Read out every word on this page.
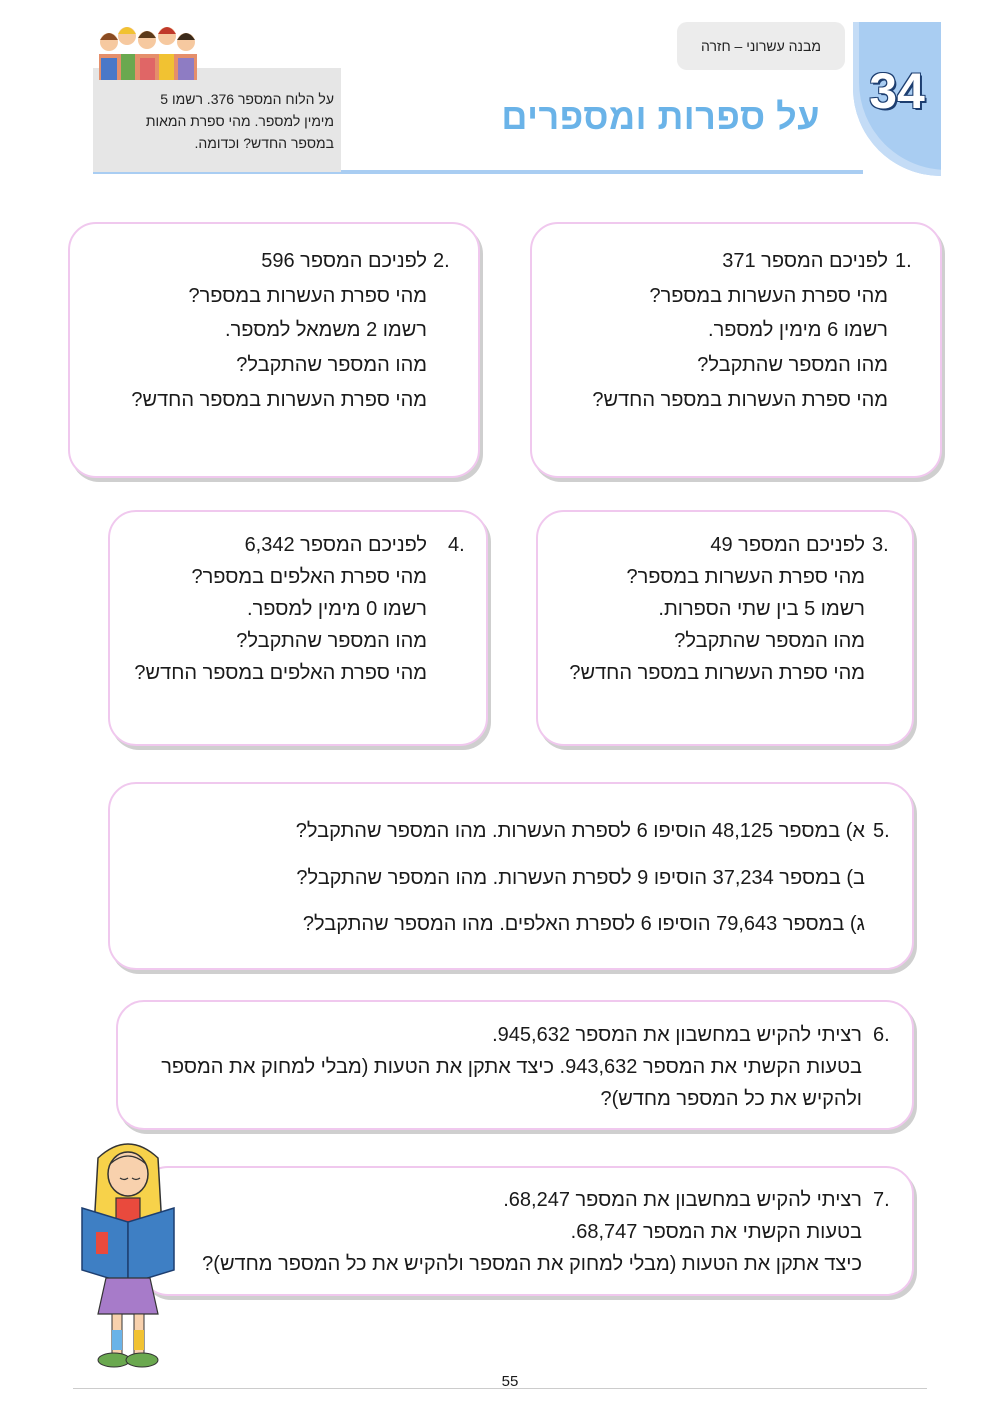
34
מבנה עשרוני – חזרה
על ספרות ומספרים
על הלוח המספר 376. רשמו 5
מימין למספר. מהי ספרת המאות
במספר החדש? וכדומה.
1.
לפניכם המספר 371
מהי ספרת העשרות במספר?
רשמו 6 מימין למספר.
מהו המספר שהתקבל?
מהי ספרת העשרות במספר החדש?
2.
לפניכם המספר 596
מהי ספרת העשרות במספר?
רשמו 2 משמאל למספר.
מהו המספר שהתקבל?
מהי ספרת העשרות במספר החדש?
3.
לפניכם המספר 49
מהי ספרת העשרות במספר?
רשמו 5 בין שתי הספרות.
מהו המספר שהתקבל?
מהי ספרת העשרות במספר החדש?
4.
לפניכם המספר 6,342
מהי ספרת האלפים במספר?
רשמו 0 מימין למספר.
מהו המספר שהתקבל?
מהי ספרת האלפים במספר החדש?
5.
א) במספר 48,125 הוסיפו 6 לספרת העשרות. מהו המספר שהתקבל?
ב) במספר 37,234 הוסיפו 9 לספרת העשרות. מהו המספר שהתקבל?
ג) במספר 79,643 הוסיפו 6 לספרת האלפים. מהו המספר שהתקבל?
6.
רציתי להקיש במחשבון את המספר 945,632.
בטעות הקשתי את המספר 943,632. כיצד אתקן את הטעות (מבלי למחוק את המספר
ולהקיש את כל המספר מחדש)?
7.
רציתי להקיש במחשבון את המספר 68,247.
בטעות הקשתי את המספר 68,747.
כיצד אתקן את הטעות (מבלי למחוק את המספר ולהקיש את כל המספר מחדש)?
55
